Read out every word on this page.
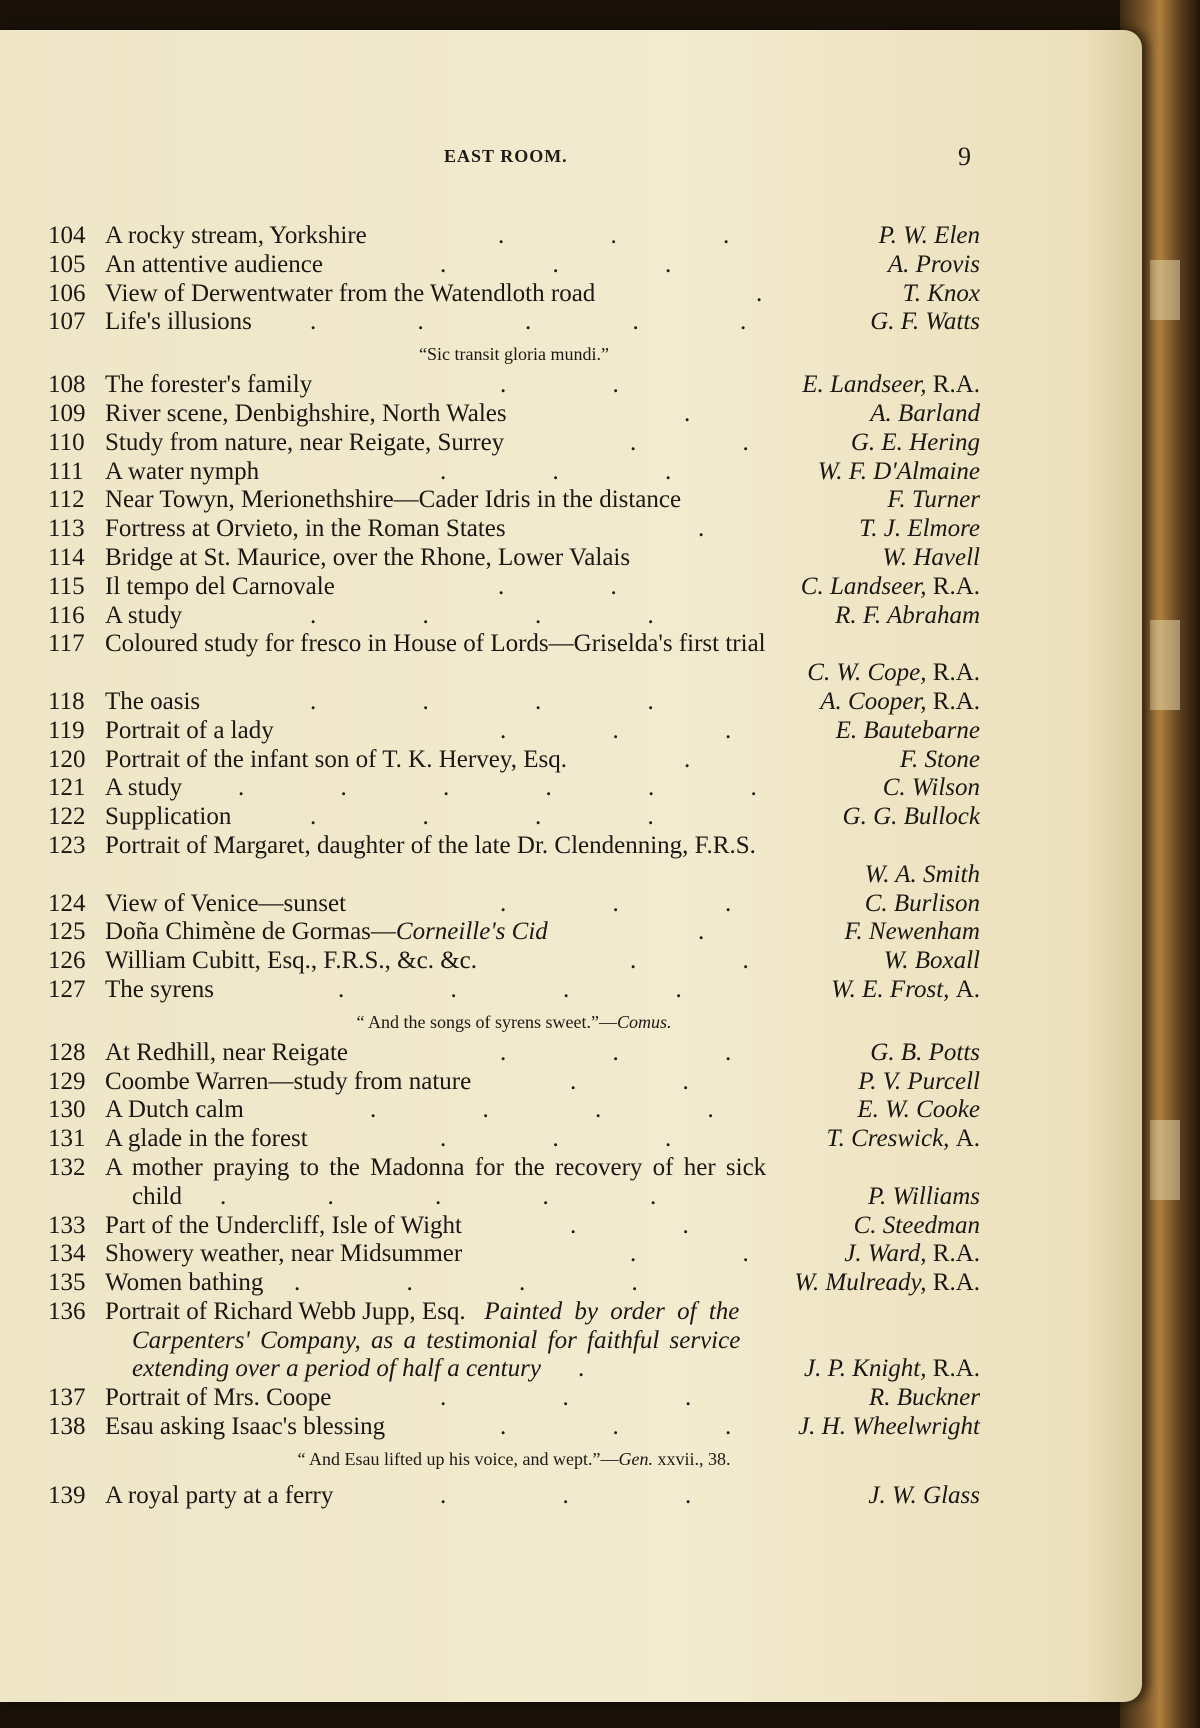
EAST ROOM.	9
104 A rocky stream, Yorkshire	. . .	P. W. Elen
105 An attentive audience	. . .	A. Provis
106 View of Derwentwater from the Watendloth road	.	T. Knox
107 Life's illusions . . . . .	G. F. Watts
“Sic transit gloria mundi.”
108 The forester's family	. .	E. Landseer, R.A.
109 River scene, Denbighshire, North Wales	.	A. Barland
110 Study from nature, near Reigate, Surrey	. .	G. E. Hering
111 A water nymph	. . .	W. F. D'Almaine
112 Near Towyn, Merionethshire—Cader Idris in the distance	F. Turner
113 Fortress at Orvieto, in the Roman States	.	T. J. Elmore
114 Bridge at St. Maurice, over the Rhone, Lower Valais	W. Havell
115 Il tempo del Carnovale	. .	C. Landseer, R.A.
116 A study	. . . .	R. F. Abraham
117 Coloured study for fresco in House of Lords—Griselda's first trial
C. W. Cope, R.A.
118 The oasis	. . . .	A. Cooper, R.A.
119 Portrait of a lady	. . .	E. Bautebarne
120 Portrait of the infant son of T. K. Hervey, Esq.	.	F. Stone
121 A study . . . . . .	C. Wilson
122 Supplication	. . . .	G. G. Bullock
123 Portrait of Margaret, daughter of the late Dr. Clendenning, F.R.S.
W. A. Smith
124 View of Venice—sunset	. . .	C. Burlison
125 Doña Chimène de Gormas—Corneille's Cid	.	F. Newenham
126 William Cubitt, Esq., F.R.S., &c. &c.	. .	W. Boxall
127 The syrens	. . . .	W. E. Frost, A.
“ And the songs of syrens sweet.”—Comus.
128 At Redhill, near Reigate	. . .	G. B. Potts
129 Coombe Warren—study from nature	. .	P. V. Purcell
130 A Dutch calm	. . . .	E. W. Cooke
131 A glade in the forest	. . .	T. Creswick, A.
132 A mother praying to the Madonna for the recovery of her sick
child . . . . .	P. Williams
133 Part of the Undercliff, Isle of Wight	. .	C. Steedman
134 Showery weather, near Midsummer	. .	J. Ward, R.A.
135 Women bathing . . . .	W. Mulready, R.A.
136 Portrait of Richard Webb Jupp, Esq. Painted by order of the
Carpenters' Company, as a testimonial for faithful service
extending over a period of half a century .	J. P. Knight, R.A.
137 Portrait of Mrs. Coope	. . .	R. Buckner
138 Esau asking Isaac's blessing	. . .	J. H. Wheelwright
“ And Esau lifted up his voice, and wept.”—Gen. xxvii., 38.
139 A royal party at a ferry	. . .	J. W. Glass
